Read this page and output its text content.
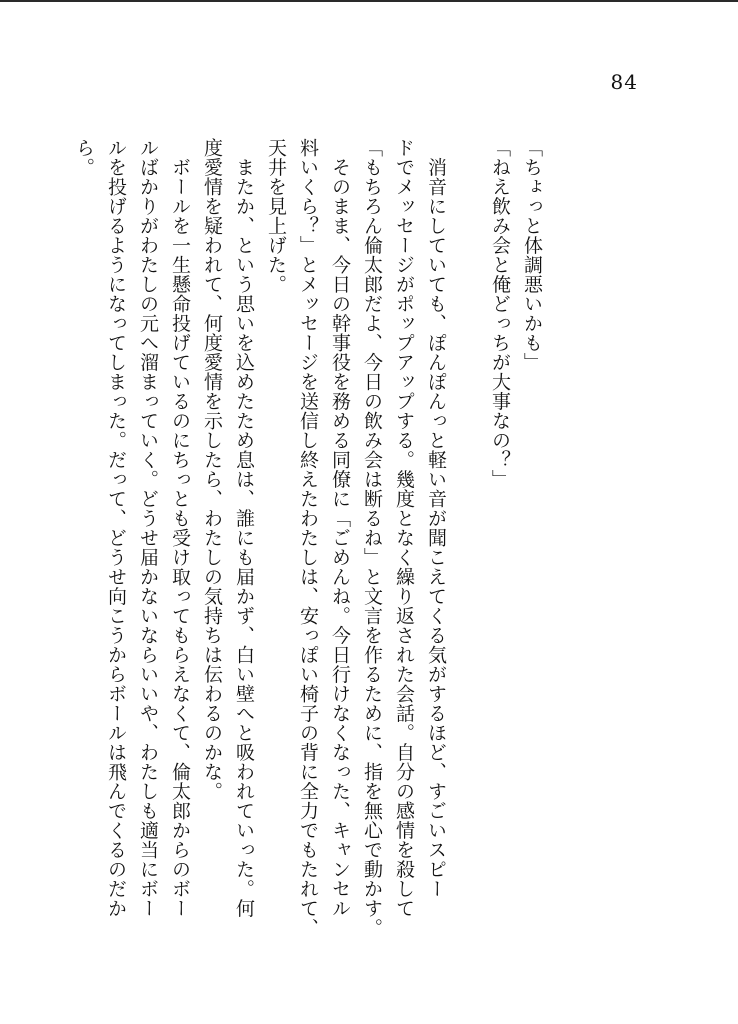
84
「ちょっと体調悪いかも」
「ねえ飲み会と俺どっちが大事なの？」
　消音にしていても、ぽんぽんっと軽い音が聞こえてくる気がするほど、すごいスピー
ドでメッセージがポップアップする。幾度となく繰り返された会話。自分の感情を殺して
「もちろん倫太郎だよ、今日の飲み会は断るね」と文言を作るために、指を無心で動かす。
　そのまま、今日の幹事役を務める同僚に「ごめんね。今日行けなくなった、キャンセル
料いくら？」とメッセージを送信し終えたわたしは、安っぽい椅子の背に全力でもたれて、
天井を見上げた。
　またか、という思いを込めたため息は、誰にも届かず、白い壁へと吸われていった。何
度愛情を疑われて、何度愛情を示したら、わたしの気持ちは伝わるのかな。
　ボールを一生懸命投げているのにちっとも受け取ってもらえなくて、倫太郎からのボー
ルばかりがわたしの元へ溜まっていく。どうせ届かないならいいや、わたしも適当にボー
ルを投げるようになってしまった。だって、どうせ向こうからボールは飛んでくるのだか
ら。
